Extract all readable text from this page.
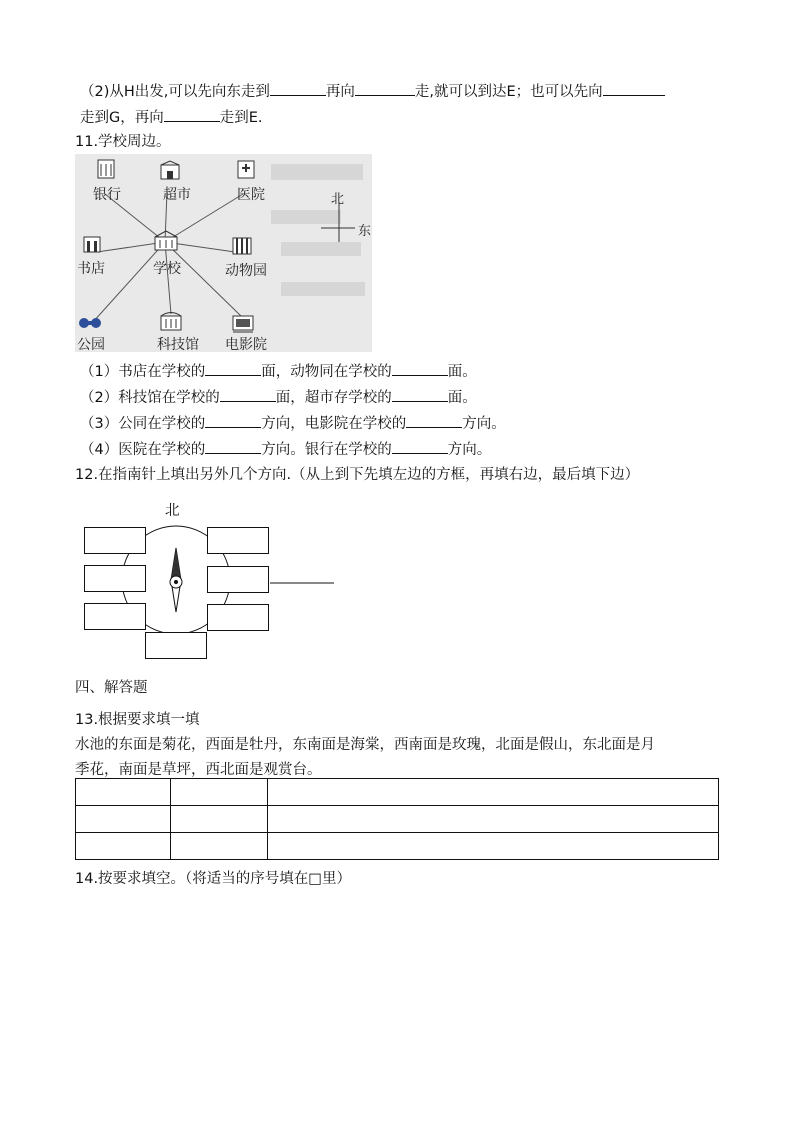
（2)从H出发,可以先向东走到	再向	走,就可以到达E；也可以先向
走到G，再向	走到E.
11.学校周边。
银行	超市	医院
书店	学校	动物园
公园	科技馆 电影院
北
东
（1）书店在学校的	面，动物同在学校的	面。
（2）科技馆在学校的	面，超市存学校的	面。
（3）公同在学校的	方向，电影院在学校的	方向。
（4）医院在学校的	方向。银行在学校的	方向。
12.在指南针上填出另外几个方向.（从上到下先填左边的方框，再填右边，最后填下边）
北
四、解答题
13.根据要求填一填
水池的东面是菊花，西面是牡丹，东南面是海棠，西南面是玫瑰，北面是假山，东北面是月
季花，南面是草坪，西北面是观赏台。

14.按要求填空。（将适当的序号填在□里）
